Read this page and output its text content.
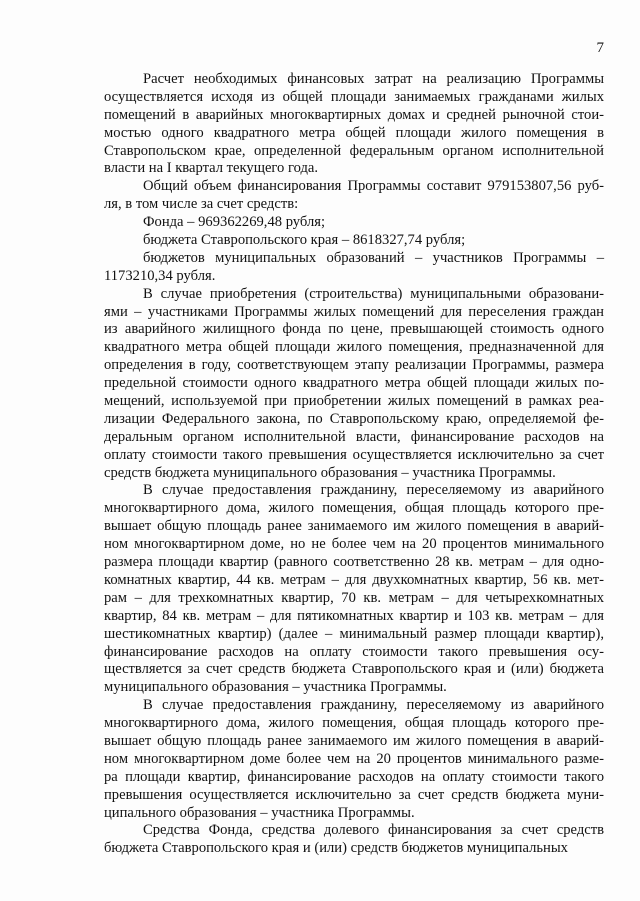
7
Расчет необходимых финансовых затрат на реализацию Программы
осуществляется исходя из общей площади занимаемых гражданами жилых
помещений в аварийных многоквартирных домах и средней рыночной стои-
мостью одного квадратного метра общей площади жилого помещения в
Ставропольском крае, определенной федеральным органом исполнительной
власти на I квартал текущего года.
Общий объем финансирования Программы составит 979153807,56 руб-
ля, в том числе за счет средств:
Фонда – 969362269,48 рубля;
бюджета Ставропольского края – 8618327,74 рубля;
бюджетов муниципальных образований – участников Программы –
1173210,34 рубля.
В случае приобретения (строительства) муниципальными образовани-
ями – участниками Программы жилых помещений для переселения граждан
из аварийного жилищного фонда по цене, превышающей стоимость одного
квадратного метра общей площади жилого помещения, предназначенной для
определения в году, соответствующем этапу реализации Программы, размера
предельной стоимости одного квадратного метра общей площади жилых по-
мещений, используемой при приобретении жилых помещений в рамках реа-
лизации Федерального закона, по Ставропольскому краю, определяемой фе-
деральным органом исполнительной власти, финансирование расходов на
оплату стоимости такого превышения осуществляется исключительно за счет
средств бюджета муниципального образования – участника Программы.
В случае предоставления гражданину, переселяемому из аварийного
многоквартирного дома, жилого помещения, общая площадь которого пре-
вышает общую площадь ранее занимаемого им жилого помещения в аварий-
ном многоквартирном доме, но не более чем на 20 процентов минимального
размера площади квартир (равного соответственно 28 кв. метрам – для одно-
комнатных квартир, 44 кв. метрам – для двухкомнатных квартир, 56 кв. мет-
рам – для трехкомнатных квартир, 70 кв. метрам – для четырехкомнатных
квартир, 84 кв. метрам – для пятикомнатных квартир и 103 кв. метрам – для
шестикомнатных квартир) (далее – минимальный размер площади квартир),
финансирование расходов на оплату стоимости такого превышения осу-
ществляется за счет средств бюджета Ставропольского края и (или) бюджета
муниципального образования – участника Программы.
В случае предоставления гражданину, переселяемому из аварийного
многоквартирного дома, жилого помещения, общая площадь которого пре-
вышает общую площадь ранее занимаемого им жилого помещения в аварий-
ном многоквартирном доме более чем на 20 процентов минимального разме-
ра площади квартир, финансирование расходов на оплату стоимости такого
превышения осуществляется исключительно за счет средств бюджета муни-
ципального образования – участника Программы.
Средства Фонда, средства долевого финансирования за счет средств
бюджета Ставропольского края и (или) средств бюджетов муниципальных
